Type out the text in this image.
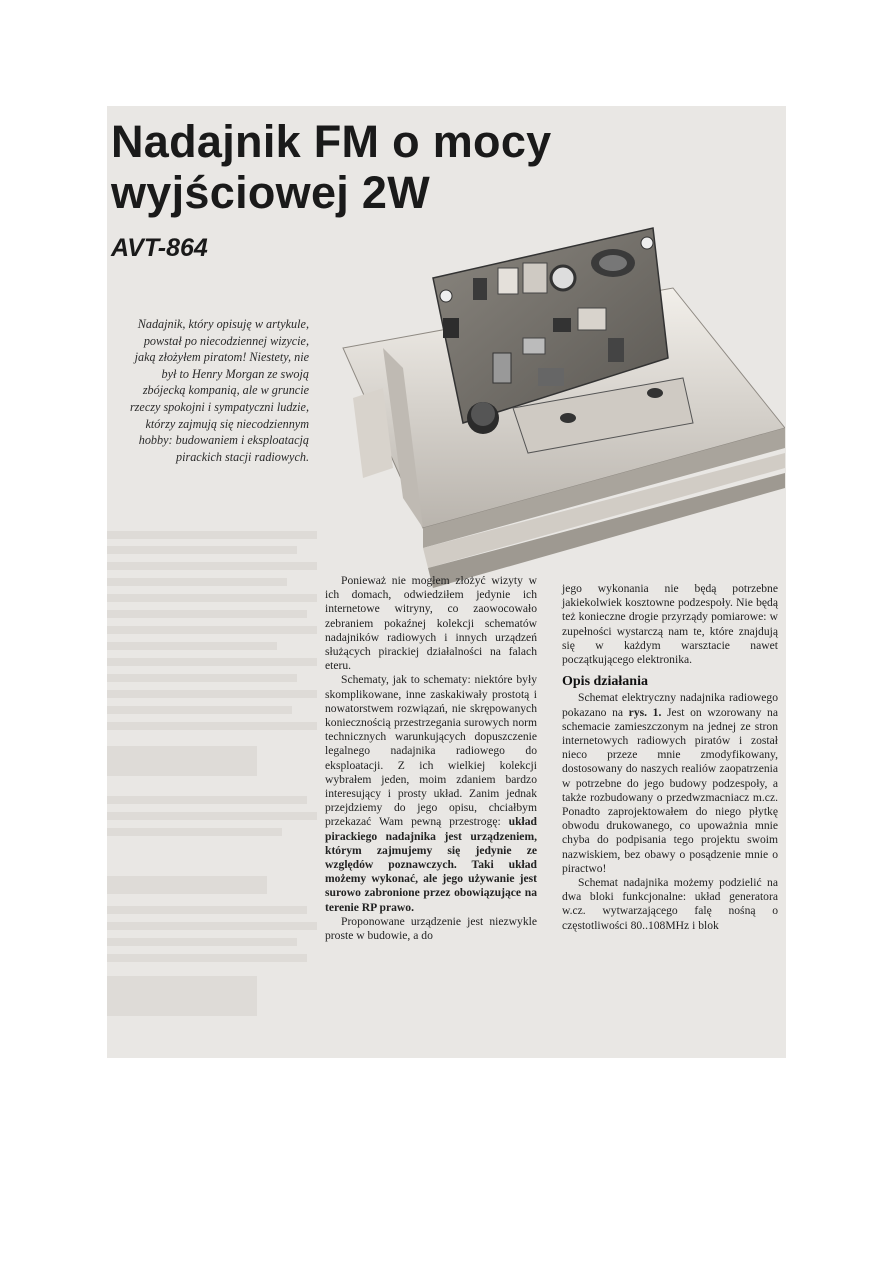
Nadajnik FM o mocy
wyjściowej 2W
AVT-864
Nadajnik, który opisuję w artykule, powstał po niecodziennej wizycie, jaką złożyłem piratom! Niestety, nie był to Henry Morgan ze swoją zbójecką kompanią, ale w gruncie rzeczy spokojni i sympatyczni ludzie, którzy zajmują się niecodziennym hobby: budowaniem i eksploatacją pirackich stacji radiowych.

Ponieważ nie mogłem złożyć wizyty w ich domach, odwiedziłem jedynie ich internetowe witryny, co zaowocowało zebraniem pokaźnej kolekcji schematów nadajników radiowych i innych urządzeń służących pirackiej działalności na falach eteru.

Schematy, jak to schematy: niektóre były skomplikowane, inne zaskakiwały prostotą i nowatorstwem rozwiązań, nie skrępowanych koniecznością przestrzegania surowych norm technicznych warunkujących dopuszczenie legalnego nadajnika radiowego do eksploatacji. Z ich wielkiej kolekcji wybrałem jeden, moim zdaniem bardzo interesujący i prosty układ. Zanim jednak przejdziemy do jego opisu, chciałbym przekazać Wam pewną przestrogę: układ pirackiego nadajnika jest urządzeniem, którym zajmujemy się jedynie ze względów poznawczych. Taki układ możemy wykonać, ale jego używanie jest surowo zabronione przez obowiązujące na terenie RP prawo.

Proponowane urządzenie jest niezwykle proste w budowie, a do

jego wykonania nie będą potrzebne jakiekolwiek kosztowne podzespoły. Nie będą też konieczne drogie przyrządy pomiarowe: w zupełności wystarczą nam te, które znajdują się w każdym warsztacie nawet początkującego elektronika.

Opis działania

Schemat elektryczny nadajnika radiowego pokazano na rys. 1. Jest on wzorowany na schemacie zamieszczonym na jednej ze stron internetowych radiowych piratów i został nieco przeze mnie zmodyfikowany, dostosowany do naszych realiów zaopatrzenia w potrzebne do jego budowy podzespoły, a także rozbudowany o przedwzmacniacz m.cz. Ponadto zaprojektowałem do niego płytkę obwodu drukowanego, co upoważnia mnie chyba do podpisania tego projektu swoim nazwiskiem, bez obawy o posądzenie mnie o piractwo!

Schemat nadajnika możemy podzielić na dwa bloki funkcjonalne: układ generatora w.cz. wytwarzającego falę nośną o częstotliwości 80..108MHz i blok
